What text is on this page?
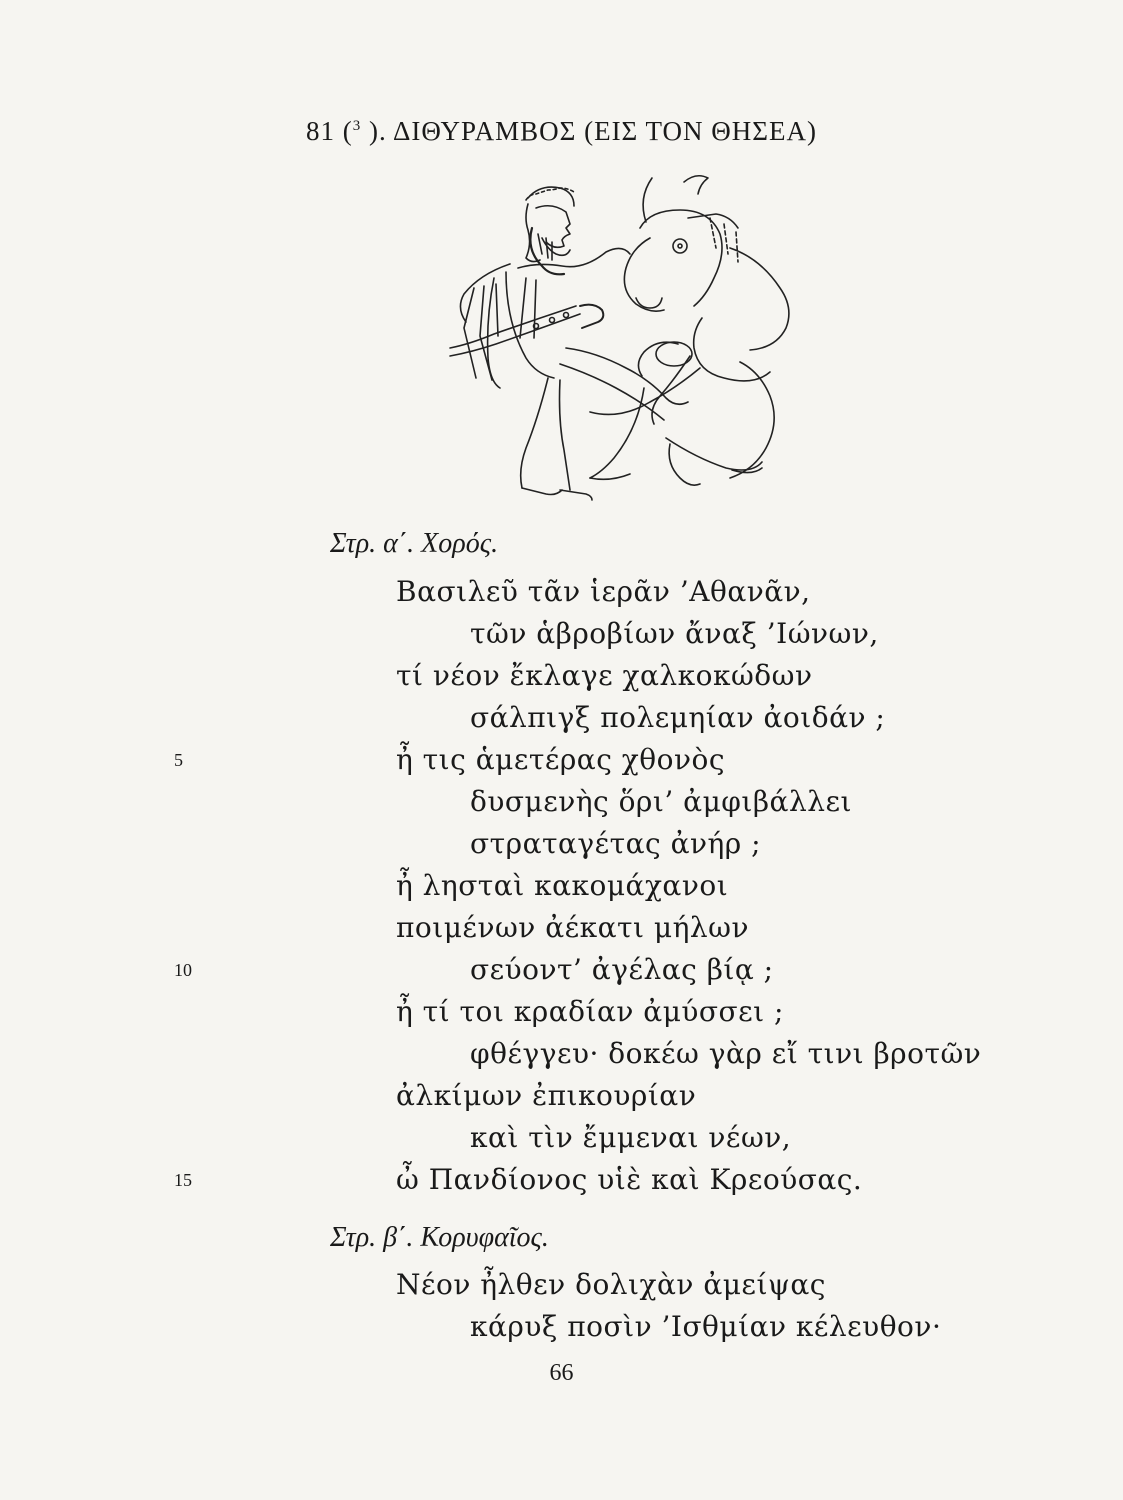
81 ($^3$ ). ΔΙΘΥΡΑΜΒΟΣ (ΕΙΣ ΤΟΝ ΘΗΣΕΑ)
Στρ. α΄. Χορός.
Βασιλεῦ τᾶν ἱερᾶν ’Αθανᾶν,
τῶν ἁβροβίων ἄναξ ’Ιώνων,
τί νέον ἔκλαγε χαλκοκώδων
σάλπιγξ πολεμηίαν ἀοιδάν ;
ἦ τις ἁμετέρας χθονὸς
δυσμενὴς ὅρι’ ἀμφιβάλλει
στραταγέτας ἀνήρ ;
ἦ λησταὶ κακομάχανοι
ποιμένων ἀέκατι μήλων
σεύοντ’ ἀγέλας βίᾳ ;
ἦ τί τοι κραδίαν ἀμύσσει ;
φθέγγευ· δοκέω γὰρ εἴ τινι βροτῶν
ἀλκίμων ἐπικουρίαν
καὶ τὶν ἔμμεναι νέων,
ὦ Πανδίονος υἱὲ καὶ Κρεούσας.
5
10
15
Στρ. β΄. Κορυφαῖος.
Νέον ἦλθεν δολιχὰν ἀμείψας
κάρυξ ποσὶν ’Ισθμίαν κέλευθον·
66
